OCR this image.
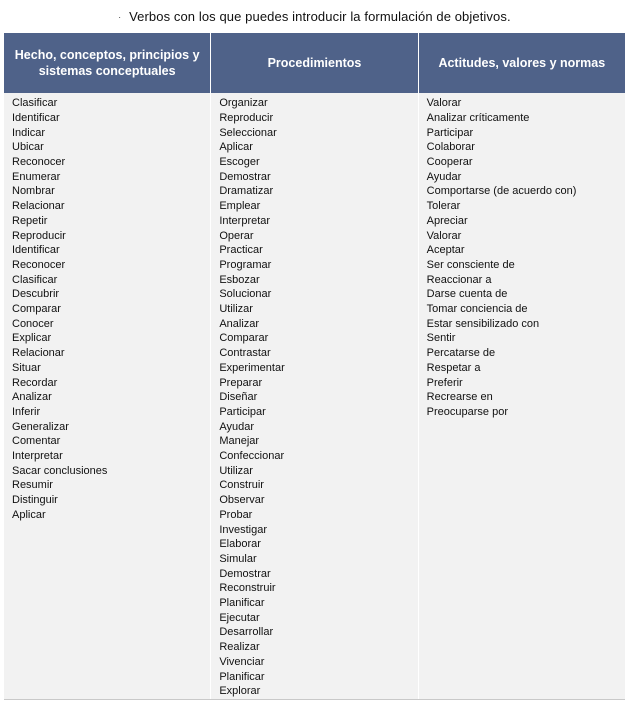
· Verbos con los que puedes introducir la formulación de objetivos.
Hecho, conceptos, principios y sistemas conceptuales
Procedimientos	Actitudes, valores y normas
Clasificar
Identificar
Indicar
Ubicar
Reconocer
Enumerar
Nombrar
Relacionar
Repetir
Reproducir
Identificar
Reconocer
Clasificar
Descubrir
Comparar
Conocer
Explicar
Relacionar
Situar
Recordar
Analizar
Inferir
Generalizar
Comentar
Interpretar
Sacar conclusiones
Resumir
Distinguir
Aplicar
Organizar
Reproducir
Seleccionar
Aplicar
Escoger
Demostrar
Dramatizar
Emplear
Interpretar
Operar
Practicar
Programar
Esbozar
Solucionar
Utilizar
Analizar
Comparar
Contrastar
Experimentar
Preparar
Diseñar
Participar
Ayudar
Manejar
Confeccionar
Utilizar
Construir
Observar
Probar
Investigar
Elaborar
Simular
Demostrar
Reconstruir
Planificar
Ejecutar
Desarrollar
Realizar
Vivenciar
Planificar
Explorar
Valorar
Analizar críticamente
Participar
Colaborar
Cooperar
Ayudar
Comportarse (de acuerdo con)
Tolerar
Apreciar
Valorar
Aceptar
Ser consciente de
Reaccionar a
Darse cuenta de
Tomar conciencia de
Estar sensibilizado con
Sentir
Percatarse de
Respetar a
Preferir
Recrearse en
Preocuparse por
